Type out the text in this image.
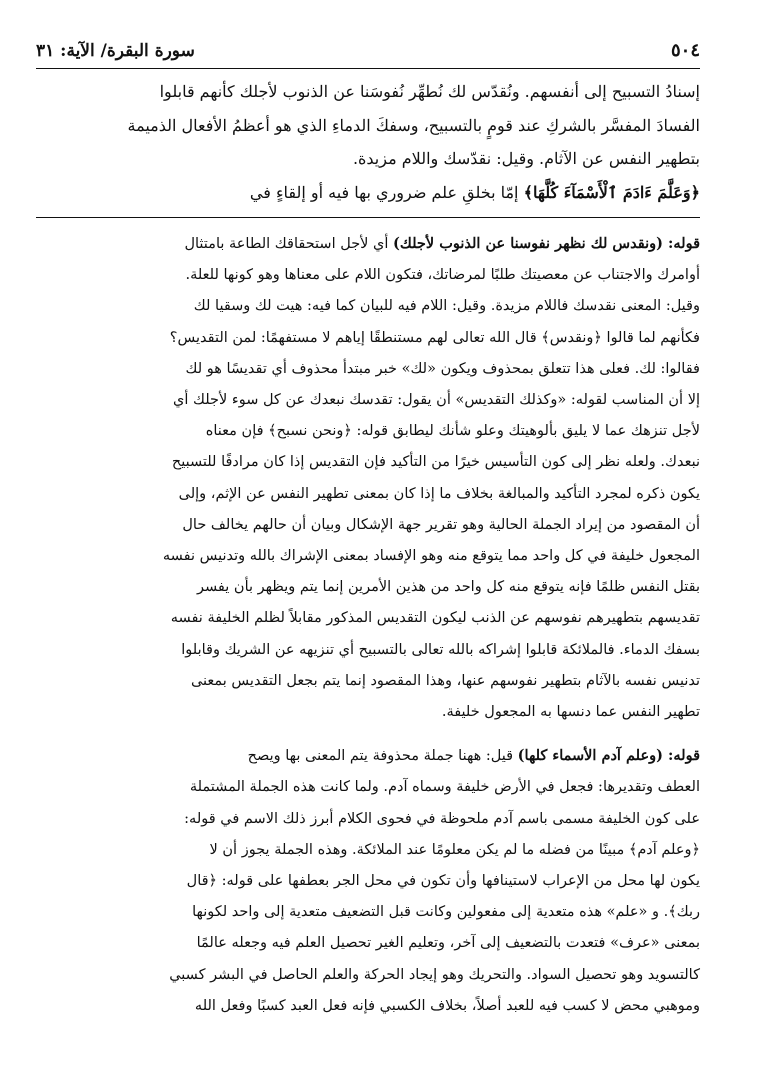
٥٠٤
سورة البقرة/ الآية: ٣١

إسنادُ التسبيح إلى أنفسهم. ونُقدّس لك نُطهِّر نُفوسَنا عن الذنوب لأجلك كأنهم قابلوا

الفسادَ المفسَّر بالشركِ عند قومٍ بالتسبيح، وسفكَ الدماءِ الذي هو أعظمُ الأفعال الذميمة

بتطهير النفس عن الآثام. وقيل: نقدّسك واللام مزيدة.

﴿وَعَلَّمَ ءَادَمَ ٱلْأَسْمَآءَ كُلَّهَا﴾ إمّا بخلقِ علم ضروري بها فيه أو إلقاءٍ في

قوله: (ونقدس لك نظهر نفوسنا عن الذنوب لأجلك) أي لأجل استحقاقك الطاعة بامتثال

أوامرك والاجتناب عن معصيتك طلبًا لمرضاتك، فتكون اللام على معناها وهو كونها للعلة.

وقيل: المعنى نقدسك فاللام مزيدة. وقيل: اللام فيه للبيان كما فيه: هيت لك وسقيا لك

فكأنهم لما قالوا ﴿ونقدس﴾ قال الله تعالى لهم مستنطقًا إياهم لا مستفهمًا: لمن التقديس؟

فقالوا: لك. فعلى هذا تتعلق بمحذوف ويكون «لك» خبر مبتدأ محذوف أي تقديسًا هو لك

إلا أن المناسب لقوله: «وكذلك التقديس» أن يقول: تقدسك نبعدك عن كل سوء لأجلك أي

لأجل تنزهك عما لا يليق بألوهيتك وعلو شأنك ليطابق قوله: ﴿ونحن نسبح﴾ فإن معناه

نبعدك. ولعله نظر إلى كون التأسيس خيرًا من التأكيد فإن التقديس إذا كان مرادفًا للتسبيح

يكون ذكره لمجرد التأكيد والمبالغة بخلاف ما إذا كان بمعنى تطهير النفس عن الإثم، وإلى

أن المقصود من إيراد الجملة الحالية وهو تقرير جهة الإشكال وبيان أن حالهم يخالف حال

المجعول خليفة في كل واحد مما يتوقع منه وهو الإفساد بمعنى الإشراك بالله وتدنيس نفسه

بقتل النفس ظلمًا فإنه يتوقع منه كل واحد من هذين الأمرين إنما يتم ويظهر بأن يفسر

تقديسهم بتطهيرهم نفوسهم عن الذنب ليكون التقديس المذكور مقابلاً لظلم الخليفة نفسه

بسفك الدماء. فالملائكة قابلوا إشراكه بالله تعالى بالتسبيح أي تنزيهه عن الشريك وقابلوا

تدنيس نفسه بالآثام بتطهير نفوسهم عنها، وهذا المقصود إنما يتم بجعل التقديس بمعنى

تطهير النفس عما دنسها به المجعول خليفة.

قوله: (وعلم آدم الأسماء كلها) قيل: ههنا جملة محذوفة يتم المعنى بها ويصح

العطف وتقديرها: فجعل في الأرض خليفة وسماه آدم. ولما كانت هذه الجملة المشتملة

على كون الخليفة مسمى باسم آدم ملحوظة في فحوى الكلام أبرز ذلك الاسم في قوله:

﴿وعلم آدم﴾ مبينًا من فضله ما لم يكن معلومًا عند الملائكة. وهذه الجملة يجوز أن لا

يكون لها محل من الإعراب لاستينافها وأن تكون في محل الجر بعطفها على قوله: ﴿قال

ربك﴾. و «علم» هذه متعدية إلى مفعولين وكانت قبل التضعيف متعدية إلى واحد لكونها

بمعنى «عرف» فتعدت بالتضعيف إلى آخر، وتعليم الغير تحصيل العلم فيه وجعله عالمًا

كالتسويد وهو تحصيل السواد. والتحريك وهو إيجاد الحركة والعلم الحاصل في البشر كسبي

وموهبي محض لا كسب فيه للعبد أصلاً، بخلاف الكسبي فإنه فعل العبد كسبًا وفعل الله
